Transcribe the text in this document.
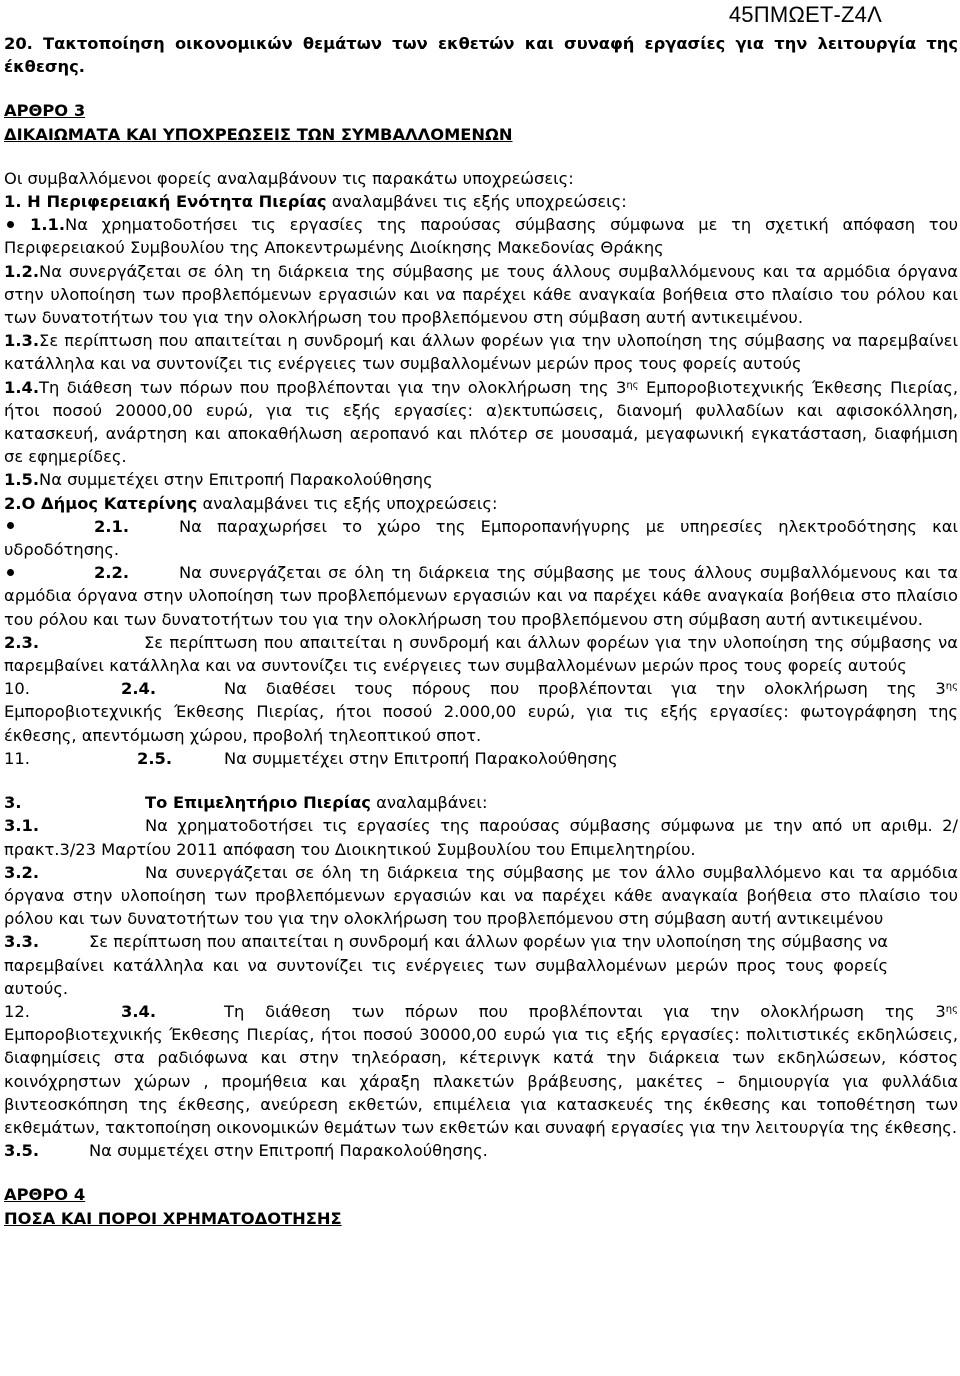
45ΠΜΩΕΤ-Ζ4Λ

20. Τακτοποίηση οικονομικών θεμάτων των εκθετών και συναφή εργασίες για την λειτουργία της έκθεσης.

ΑΡΘΡΟ 3

ΔΙΚΑΙΩΜΑΤΑ ΚΑΙ ΥΠΟΧΡΕΩΣΕΙΣ ΤΩΝ ΣΥΜΒΑΛΛΟΜΕΝΩΝ

Οι συμβαλλόμενοι φορείς αναλαμβάνουν τις παρακάτω υποχρεώσεις:

1. Η Περιφερειακή Ενότητα Πιερίας αναλαμβάνει τις εξής υποχρεώσεις:

1.1.Να χρηματοδοτήσει τις εργασίες της παρούσας σύμβασης σύμφωνα με τη σχετική απόφαση του Περιφερειακού Συμβουλίου της Αποκεντρωμένης Διοίκησης Μακεδονίας Θράκης

1.2.Να συνεργάζεται σε όλη τη διάρκεια της σύμβασης με τους άλλους συμβαλλόμενους και τα αρμόδια όργανα στην υλοποίηση των προβλεπόμενων εργασιών και να παρέχει κάθε αναγκαία βοήθεια στο πλαίσιο του ρόλου και των δυνατοτήτων του για την ολοκλήρωση του προβλεπόμενου στη σύμβαση αυτή αντικειμένου.

1.3.Σε περίπτωση που απαιτείται η συνδρομή και άλλων φορέων για την υλοποίηση της σύμβασης να παρεμβαίνει κατάλληλα και να συντονίζει τις ενέργειες των συμβαλλομένων μερών προς τους φορείς αυτούς

1.4.Τη διάθεση των πόρων που προβλέπονται για την ολοκλήρωση της $3^{\eta\varsigma}$ Εμποροβιοτεχνικής Έκθεσης Πιερίας, ήτοι ποσού 20000,00 ευρώ, για τις εξής εργασίες: α)εκτυπώσεις, διανομή φυλλαδίων και αφισοκόλληση, κατασκευή, ανάρτηση και αποκαθήλωση αεροπανό και πλότερ σε μουσαμά, μεγαφωνική εγκατάσταση, διαφήμιση σε εφημερίδες.

1.5.Να συμμετέχει στην Επιτροπή Παρακολούθησης

2.Ο Δήμος Κατερίνης αναλαμβάνει τις εξής υποχρεώσεις:

2.1.	Να παραχωρήσει το χώρο της Εμποροπανήγυρης με υπηρεσίες ηλεκτροδότησης και υδροδότησης.

2.2.	Να συνεργάζεται σε όλη τη διάρκεια της σύμβασης με τους άλλους συμβαλλόμενους και τα αρμόδια όργανα στην υλοποίηση των προβλεπόμενων εργασιών και να παρέχει κάθε αναγκαία βοήθεια στο πλαίσιο του ρόλου και των δυνατοτήτων του για την ολοκλήρωση του προβλεπόμενου στη σύμβαση αυτή αντικειμένου.

2.3.	Σε περίπτωση που απαιτείται η συνδρομή και άλλων φορέων για την υλοποίηση της σύμβασης να παρεμβαίνει κατάλληλα και να συντονίζει τις ενέργειες των συμβαλλομένων μερών προς τους φορείς αυτούς

10.	2.4.	Να διαθέσει τους πόρους που προβλέπονται για την ολοκλήρωση της $3^{\eta\varsigma}$ Εμποροβιοτεχνικής Έκθεσης Πιερίας, ήτοι ποσού 2.000,00 ευρώ, για τις εξής εργασίες: φωτογράφηση της έκθεσης, απεντόμωση χώρου, προβολή τηλεοπτικού σποτ.

11.	2.5.	Να συμμετέχει στην Επιτροπή Παρακολούθησης

3.	Το Επιμελητήριο Πιερίας αναλαμβάνει:

3.1.	Να χρηματοδοτήσει τις εργασίες της παρούσας σύμβασης σύμφωνα με την από υπ αριθμ. 2/πρακτ.3/23 Μαρτίου 2011 απόφαση του Διοικητικού Συμβουλίου του Επιμελητηρίου.

3.2.	Να συνεργάζεται σε όλη τη διάρκεια της σύμβασης με τον άλλο συμβαλλόμενο και τα αρμόδια όργανα στην υλοποίηση των προβλεπόμενων εργασιών και να παρέχει κάθε αναγκαία βοήθεια στο πλαίσιο του ρόλου και των δυνατοτήτων του για την ολοκλήρωση του προβλεπόμενου στη σύμβαση αυτή αντικειμένου

3.3.	Σε περίπτωση που απαιτείται η συνδρομή και άλλων φορέων για την υλοποίηση της σύμβασης να παρεμβαίνει κατάλληλα και να συντονίζει τις ενέργειες των συμβαλλομένων μερών προς τους φορείς αυτούς.

12.	3.4.	Τη διάθεση των πόρων που προβλέπονται για την ολοκλήρωση της $3^{\eta\varsigma}$ Εμποροβιοτεχνικής Έκθεσης Πιερίας, ήτοι ποσού 30000,00 ευρώ για τις εξής εργασίες: πολιτιστικές εκδηλώσεις, διαφημίσεις στα ραδιόφωνα και στην τηλεόραση, κέτερινγκ κατά την διάρκεια των εκδηλώσεων, κόστος κοινόχρηστων χώρων , προμήθεια και χάραξη πλακετών βράβευσης, μακέτες – δημιουργία για φυλλάδια βιντεοσκόπηση της έκθεσης, ανεύρεση εκθετών, επιμέλεια για κατασκευές της έκθεσης και τοποθέτηση των εκθεμάτων, τακτοποίηση οικονομικών θεμάτων των εκθετών και συναφή εργασίες για την λειτουργία της έκθεσης.

3.5.	Να συμμετέχει στην Επιτροπή Παρακολούθησης.

ΑΡΘΡΟ 4

ΠΟΣΑ ΚΑΙ ΠΟΡΟΙ ΧΡΗΜΑΤΟΔΟΤΗΣΗΣ
